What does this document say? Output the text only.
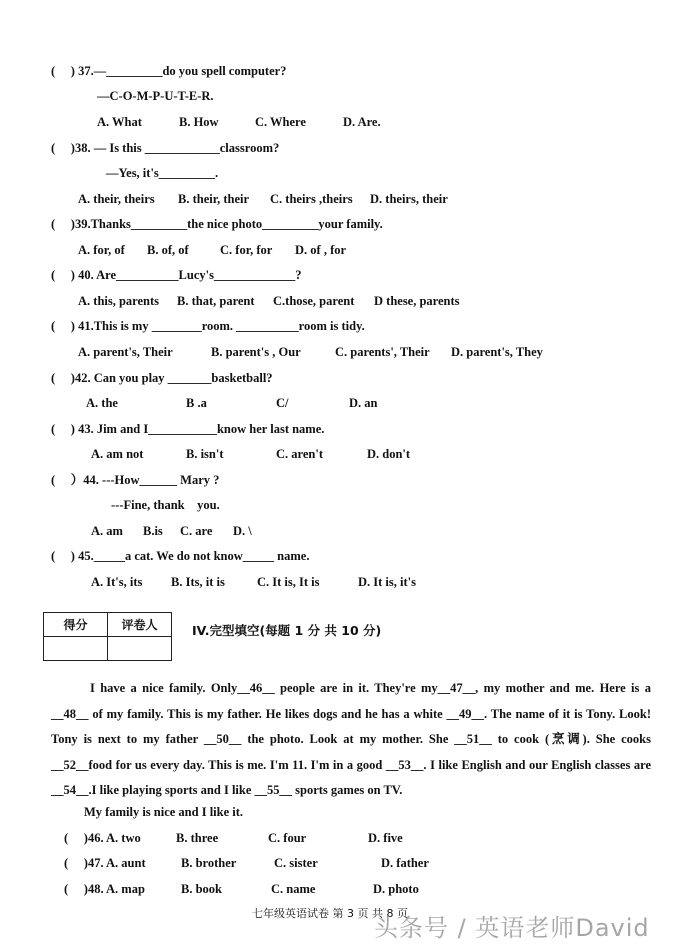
(     ) 37.—_________do you spell computer?
—C-O-M-P-U-T-E-R.
A. What	B. How	C. Where	D. Are.
(     )38. — Is this ____________classroom?
—Yes, it's_________.
A. their, theirs B. their, their C. theirs ,theirs D. theirs, their
(     )39.Thanks_________the nice photo_________your family.
A. for, of B. of, of	C. for, for D. of , for
(     ) 40. Are__________Lucy's_____________?
A. this, parents B. that, parent C.those, parent D these, parents
(     ) 41.This is my ________room. __________room is tidy.
A. parent's, Their	B. parent's , Our	C. parents', Their D. parent's, They
(     )42. Can you play _______basketball?
A. the	B .a	C/	D. an
(     ) 43. Jim and I___________know her last name.
A. am not	B. isn't	C. aren't	D. don't
(     ）44. ---How______ Mary ?
---Fine, thank    you.
A. am B.is C. are D. \
(     ) 45._____a cat. We do not know_____ name.
A. It's, its B. Its, it is	C. It is, It is	D. It is, it's
得分	评卷人
		IV.完型填空(每题 1 分 共 10 分)
I have a nice family. Only__46__ people are in it. They're my__47__, my mother and me. Here is a __48__ of my family. This is my father. He likes dogs and he has a white __49__. The name of it is Tony. Look! Tony is next to my father __50__ the photo. Look at my mother. She __51__ to cook (烹调). She cooks __52__food for us every day. This is me. I'm 11. I'm in a good __53__. I like English and our English classes are __54__.I like playing sports and I like __55__ sports games on TV.
My family is nice and I like it.
(     )46. A. two	B. three	C. four	D. five
(     )47. A. aunt	B. brother	C. sister	D. father
(     )48. A. map	B. book	C. name	D. photo
七年级英语试卷 第 3 页 共 8 页
头条号 / 英语老师David
